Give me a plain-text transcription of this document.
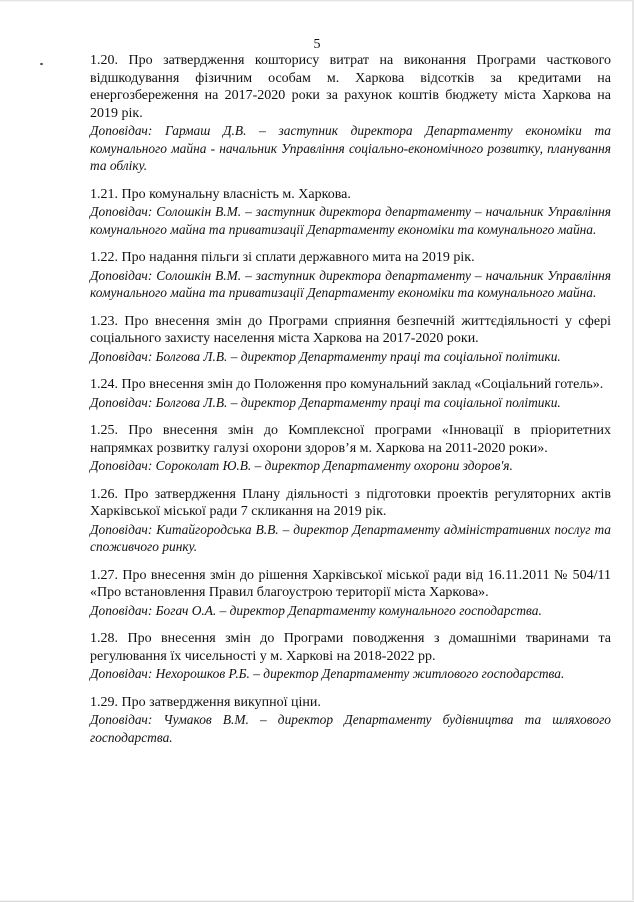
5
1.20. Про затвердження кошторису витрат на виконання Програми часткового відшкодування фізичним особам м. Харкова відсотків за кредитами на енергозбереження на 2017-2020 роки за рахунок коштів бюджету міста Харкова на 2019 рік.
Доповідач: Гармаш Д.В. – заступник директора Департаменту економіки та комунального майна - начальник Управління соціально-економічного розвитку, планування та обліку.
1.21. Про комунальну власність м. Харкова.
Доповідач: Солошкін В.М. – заступник директора департаменту – начальник Управління комунального майна та приватизації Департаменту економіки та комунального майна.
1.22. Про надання пільги зі сплати державного мита на 2019 рік.
Доповідач: Солошкін В.М. – заступник директора департаменту – начальник Управління комунального майна та приватизації Департаменту економіки та комунального майна.
1.23. Про внесення змін до Програми сприяння безпечній життєдіяльності у сфері соціального захисту населення міста Харкова на 2017-2020 роки.
Доповідач: Болгова Л.В. – директор Департаменту праці та соціальної політики.
1.24. Про внесення змін до Положення про комунальний заклад «Соціальний готель».
Доповідач: Болгова Л.В. – директор Департаменту праці та соціальної політики.
1.25. Про внесення змін до Комплексної програми «Інновації в пріоритетних напрямках розвитку галузі охорони здоров’я м. Харкова на 2011-2020 роки».
Доповідач: Сороколат Ю.В. – директор Департаменту охорони здоров'я.
1.26. Про затвердження Плану діяльності з підготовки проектів регуляторних актів Харківської міської ради 7 скликання на 2019 рік.
Доповідач: Китайгородська В.В. – директор Департаменту адміністративних послуг та споживчого ринку.
1.27. Про внесення змін до рішення Харківської міської ради від 16.11.2011 № 504/11 «Про встановлення Правил благоустрою території міста Харкова».
Доповідач: Богач О.А. – директор Департаменту комунального господарства.
1.28. Про внесення змін до Програми поводження з домашніми тваринами та регулювання їх чисельності у м. Харкові на 2018-2022 рр.
Доповідач: Нехорошков Р.Б. – директор Департаменту житлового господарства.
1.29. Про затвердження викупної ціни.
Доповідач: Чумаков В.М. – директор Департаменту будівництва та шляхового господарства.
